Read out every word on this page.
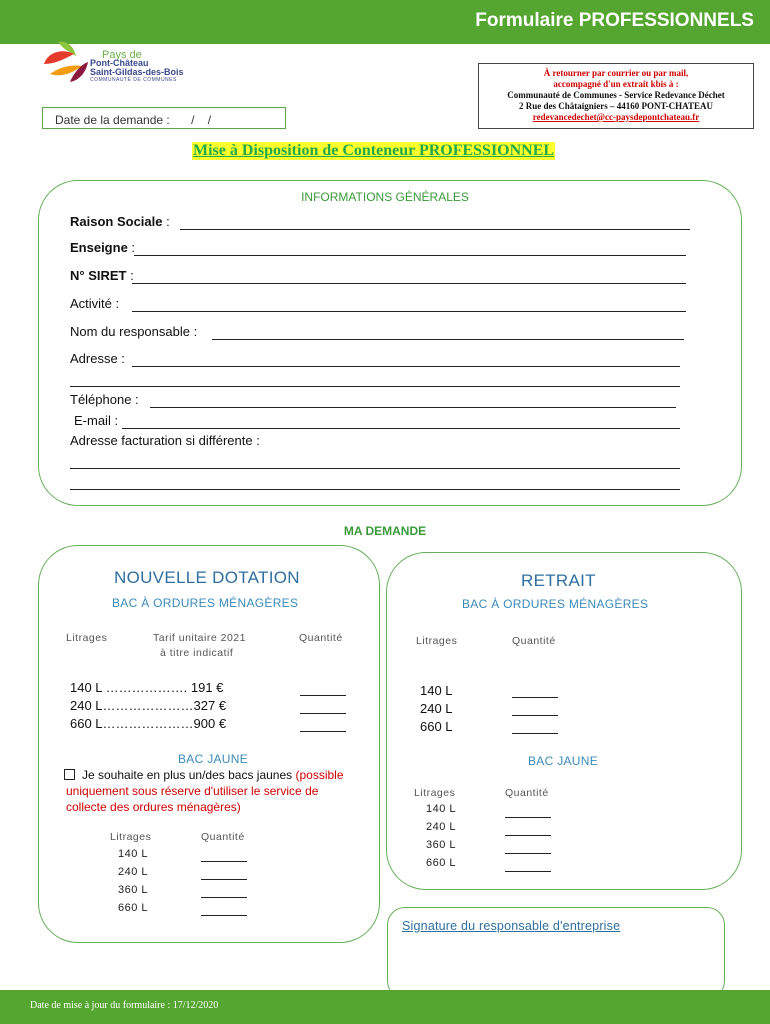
Formulaire PROFESSIONNELS
Pays de
Pont-Château
Saint-Gildas-des-Bois
COMMUNAUTÉ DE COMMUNES
À retourner par courrier ou par mail,
accompagné d'un extrait kbis à :
Communauté de Communes - Service Redevance Déchet
2 Rue des Châtaigniers – 44160 PONT-CHATEAU
redevancedechet@cc-paysdepontchateau.fr
Date de la demande : /    /
Mise à Disposition de Conteneur PROFESSIONNEL
INFORMATIONS GÉNÉRALES
Raison Sociale :
Enseigne :
N° SIRET :
Activité :
Nom du responsable :
Adresse :
Téléphone :
E-mail :
Adresse facturation si différente :
MA DEMANDE
NOUVELLE DOTATION
BAC À ORDURES MÉNAGÈRES
Litrages	Tarif unitaire 2021
à titre indicatif
Quantité
140 L ………………. 191 €
240 L…………………327 €
660 L…………………900 €
BAC JAUNE
Je souhaite en plus un/des bacs jaunes (possible
uniquement sous réserve d'utiliser le service de
collecte des ordures ménagères)
Litrages	Quantité
140 L
240 L
360 L
660 L
RETRAIT
BAC À ORDURES MÉNAGÈRES
Litrages	Quantité
140 L
240 L
660 L
BAC JAUNE
Litrages	Quantité
140 L
240 L
360 L
660 L
Signature du responsable d'entreprise
Date de mise à jour du formulaire : 17/12/2020
